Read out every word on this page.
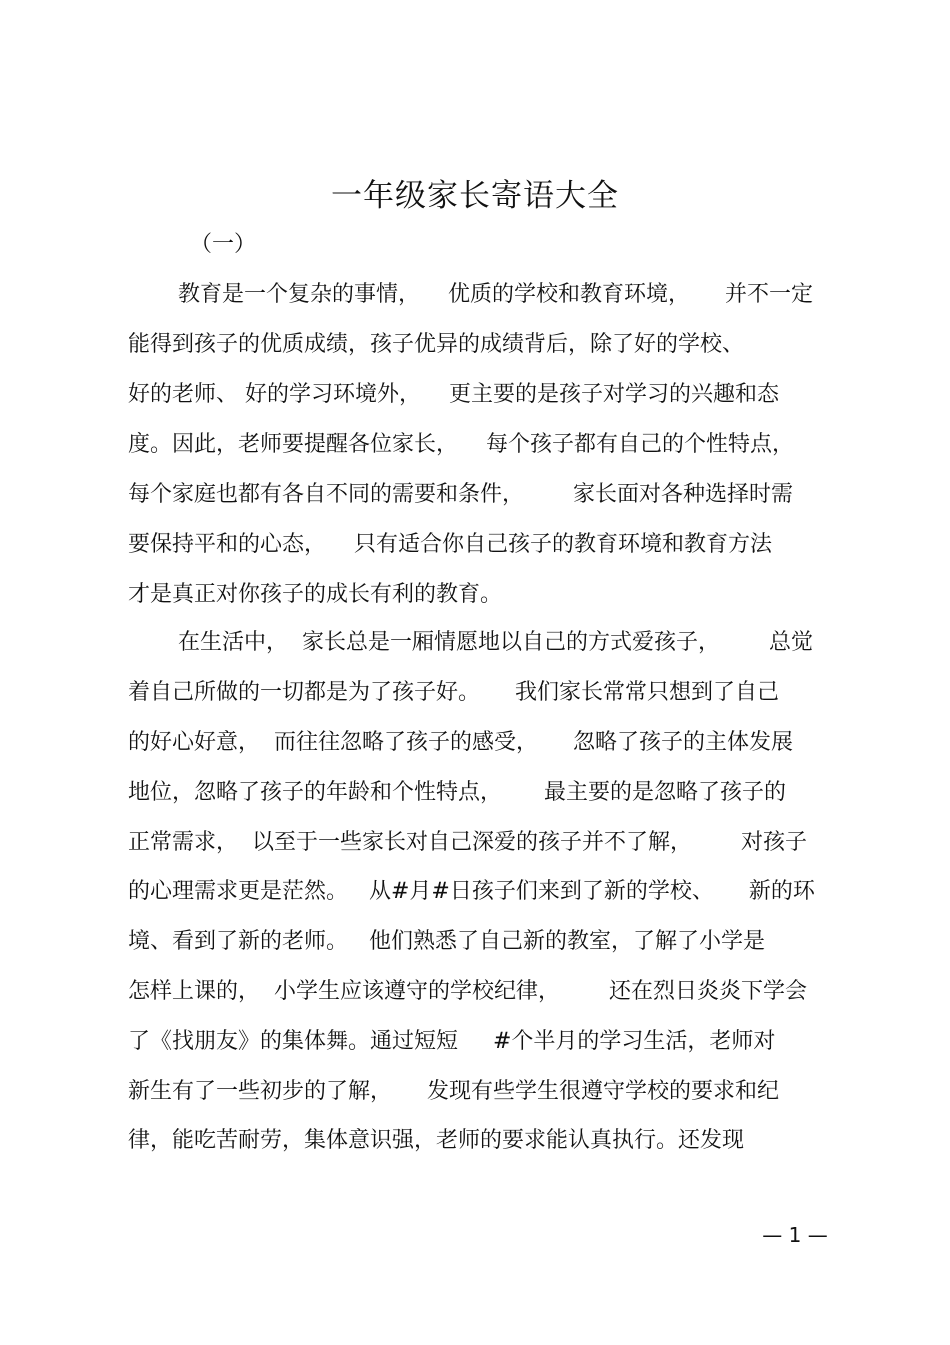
一年级家长寄语大全
（一）
教育是一个复杂的事情，    优质的学校和教育环境，     并不一定
能得到孩子的优质成绩，孩子优异的成绩背后，除了好的学校、
好的老师、 好的学习环境外，    更主要的是孩子对学习的兴趣和态
度。因此，老师要提醒各位家长，    每个孩子都有自己的个性特点，
每个家庭也都有各自不同的需要和条件，       家长面对各种选择时需
要保持平和的心态，    只有适合你自己孩子的教育环境和教育方法
才是真正对你孩子的成长有利的教育。
在生活中，  家长总是一厢情愿地以自己的方式爱孩子，       总觉
着自己所做的一切都是为了孩子好。     我们家长常常只想到了自己
的好心好意，  而往往忽略了孩子的感受，     忽略了孩子的主体发展
地位，忽略了孩子的年龄和个性特点，      最主要的是忽略了孩子的
正常需求，  以至于一些家长对自己深爱的孩子并不了解，       对孩子
的心理需求更是茫然。   从#月#日孩子们来到了新的学校、     新的环
境、看到了新的老师。   他们熟悉了自己新的教室，了解了小学是
怎样上课的，  小学生应该遵守的学校纪律，       还在烈日炎炎下学会
了《找朋友》的集体舞。通过短短     #个半月的学习生活，老师对
新生有了一些初步的了解，     发现有些学生很遵守学校的要求和纪
律，能吃苦耐劳，集体意识强，老师的要求能认真执行。还发现
— 1 —
